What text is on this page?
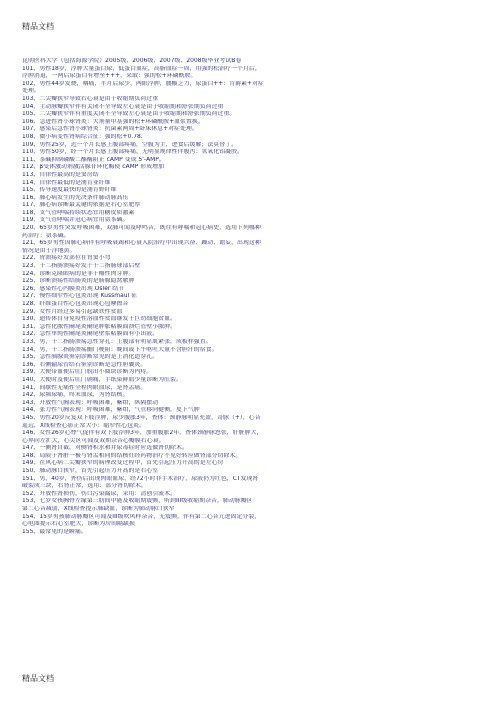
精品文档

昆明医科大学（包括海源学院）2005级、2006级、2007级、2008级毕业考试B卷

101、男性18岁，浮肿大量蛋白尿，低蛋白血症，高脂血症一周，用强的松治疗一个月后，

浮肿消退，一两后尿蛋白有增至+++，采取：强的松+环磷酰胺。

102、男性44岁发烧，咽痛，半月后尿少，两眼浮肿，腰酸乏力，尿蛋白++：肯爵素+对症

处理。

103、二尖瓣狭窄导致右心衰是由于收缩期负荷过重

104、主动脉瓣狭窄伴有关闭不全导致左心衰是由于收缩期和舒张期负荷过重

105、二尖瓣狭窄伴有重度关闭不全导致左心衰是由于收缩期和舒张期负荷过重。

106、急进性肾小球肾炎：大剂量甲基强的松+环磷酰胺+血浆置换。

107、感染后急性肾小球肾炎：抗菌素两周+卧床休息+对症处理。

108、微小病变性肾病综合征：强的松+0.78.

109、男性25岁，近一个月长感上腹部疼痛，空腹为主，进食后缓解；法莫替丁。

110、男性50岁，经一个月长感上腹部疼痛，无明显规律性伴腹泻：氢氧化铝凝胶。

111、茶碱抑制磷酸二酯酶阻止 cAMP 变成 5'-AMP。

112、β受体激动剂激活腺苷环化酶使 cAMP 形成增加

113、自律性最高的是窦房结

114、自律性最低的是浦肯亚纤维

115、传导速度最快的是浦肯野纤维

116、肺心病发生的先决条件肺动脉高压

117、肺心病诊断最关键的依据是右心室肥厚

118、支气管哮喘持续状态宜用糖皮质激素

119、支气管哮喘并冠心病宜用氨茶碱。

120、65岁男性突发呼吸困难，双肺可闻及哮鸣音，既往有哮喘和冠心病史，选用下列哪种

药治疗：氨茶碱。

121、65岁男性因肺心病伴有呼吸衰竭和心衰入院治疗中出现兴奋、躁动、谵妄，出现这种

情况是由于洋地黄。

122、胃溃疡好发部位在胃窦小弯

123、十二指肠溃疡好发于十二指肠球部后壁

124、诊断克隆眼病的是非干酪性肉芽肿。

125、诊断溃疡性结肠炎的是肠腺隐窝脓肿

126、感染性心内膜炎出现 Osler 结节

127、慢性细窄性心包炎出现 Kussmaul 征

128、纤维蛋白性心包炎出现心包摩擦音

129、女性月经过多易引起缺铁性贫血

130、遗传体自身免疫性溶血性贫血继发于巨幼细胞贫血。

131、急性化脓性阑尾炎阑尾肿胀粘膜面溃烂管壁小脓肿。

132、急性单纯性阑尾炎阑尾壁浆粘膜面有小出液。

133、男，十二指肠溃疡急性穿孔：上腹部有明显肌紧张，成板样强直。

134、男，十二指肠溃疡幽门梗阻：晚间或下午呕吐大量不含胆汁的宿食。

135、急性胰腺炎鉴别诊断常见的是上消化道穿孔。

136、右侧输尿管结石鉴别诊断是急性胆囊炎。

139、大便带血便后肛门脱出小圆块诊断为内痔。

140、大便时及便后肛门剧痛，手纸染鲜血少量诊断为肛裂。

141、间歇性无痛性全程肉眼血尿，是肾盂癌。

142、尿频尿痛，终末血尿，为肾结核。

143、开放性气胸表现：呼吸困难，紫绀，纵隔摆动

144、张力性气胸表现：呼吸困难，紫绀，气管移向健侧，皮下气肿

145、男性20岁反复双下肢浮肿，尿少腹胀3年，查体：颈静脉明显充盈，奇脉（+），心音

遥远，X线检查心影正常大小：缩窄性心包炎。

146、女性26岁心悸气促伴有双下肢浮肿3年，加重腹胀2年，查体颈静脉怒张，肝脏肿大，

心界向左扩大，心尖区可闻及双期杂音心瓣膜右心衰。

147、一侧肾自截，对侧肾积水和并尿毒症时应选做肾切除术。

148、局限于肾脏一极与肾盂相同的结核灶经药物治疗不见好转应做肾部分切除术。

149、在风心病二尖瓣狭窄的病理改变过程中，首先引起压力升高的是左心房

150、肺动脉口狭窄，首先引起压力升高的是右心室

151、男，40岁，外伤后出现肉眼血尿，经72小时非手术治疗，尿液仍为红色，CT发现肾

破裂成三块，右肾正常，选用：部分肾切除术。

152、开放性肾损伤，伤口污染漏尿，采用：清创引流术。

153、七岁女孩胸骨左缘第三肋间中能及收缩期震颤，听到III级收缩期杂音，肺动脉瓣区

第二心音减弱，X线检查提示肺缺血，诊断为肺动脉口狭窄

154、15岁男孩肺动脉瓣区可闻及III级吹风样杂音，无震颤，伴有第二心音亢进固定分裂，

心电图提示右心室肥大，诊断为房间隔缺损

155、最常见的是瞬痛。

精品文档
